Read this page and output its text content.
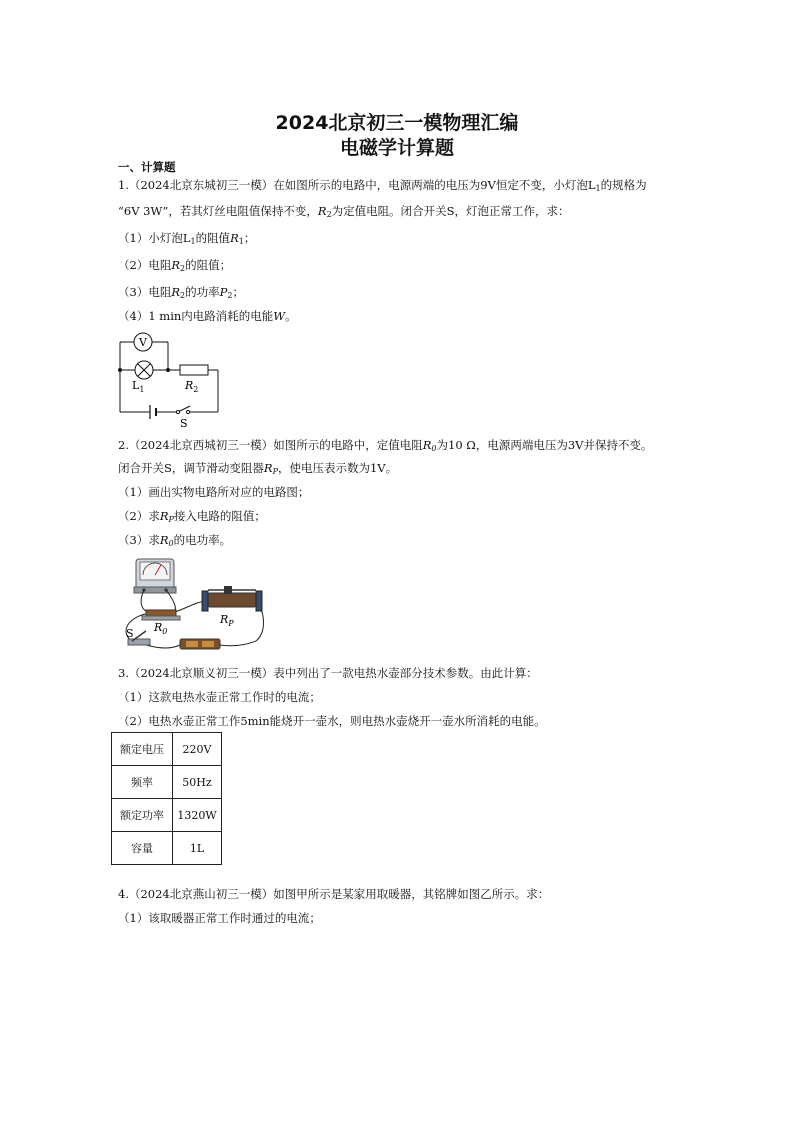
2024北京初三一模物理汇编
电磁学计算题
一、计算题
1.（2024北京东城初三一模）在如图所示的电路中，电源两端的电压为9V恒定不变，小灯泡$L_1$的规格为
“6V 3W”，若其灯丝电阻值保持不变，$R_2$为定值电阻。闭合开关S，灯泡正常工作，求：
（1）小灯泡$L_1$的阻值$R_1$；
（2）电阻$R_2$的阻值；
（3）电阻$R_2$的功率$P_2$；
（4）1 min内电路消耗的电能W。
V
$L_1$	$R_2$
S
2.（2024北京西城初三一模）如图所示的电路中，定值电阻$R_0$为10 Ω，电源两端电压为3V并保持不变。
闭合开关S，调节滑动变阻器$R_P$，使电压表示数为1V。
（1）画出实物电路所对应的电路图；
（2）求$R_P$接入电路的阻值；
（3）求$R_0$的电功率。
$R_0$
$R_P$
S
3.（2024北京顺义初三一模）表中列出了一款电热水壶部分技术参数。由此计算：
（1）这款电热水壶正常工作时的电流；
（2）电热水壶正常工作5min能烧开一壶水，则电热水壶烧开一壶水所消耗的电能。
额定电压	220V
频率	50Hz
额定功率	1320W
容量	1L
4.（2024北京燕山初三一模）如图甲所示是某家用取暖器，其铭牌如图乙所示。求：
（1）该取暖器正常工作时通过的电流；
